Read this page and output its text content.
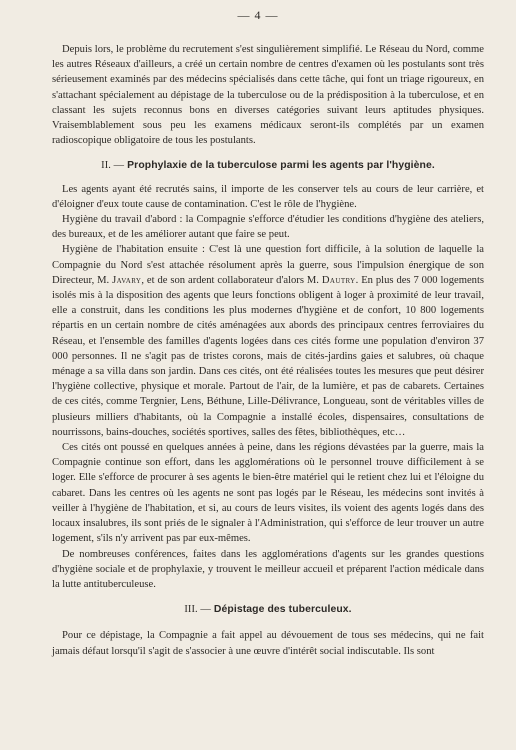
— 4 —

Depuis lors, le problème du recrutement s'est singulièrement simplifié. Le Réseau du Nord, comme les autres Réseaux d'ailleurs, a créé un certain nombre de centres d'examen où les postulants sont très sérieusement examinés par des médecins spécialisés dans cette tâche, qui font un triage rigoureux, en s'attachant spécialement au dépistage de la tuberculose ou de la prédisposition à la tuberculose, et en classant les sujets reconnus bons en diverses catégories suivant leurs aptitudes physiques. Vraisemblablement sous peu les examens médicaux seront-ils complétés par un examen radioscopique obligatoire de tous les postulants.

II. — Prophylaxie de la tuberculose parmi les agents par l'hygiène.

Les agents ayant été recrutés sains, il importe de les conserver tels au cours de leur carrière, et d'éloigner d'eux toute cause de contamination. C'est le rôle de l'hygiène.

Hygiène du travail d'abord : la Compagnie s'efforce d'étudier les conditions d'hygiène des ateliers, des bureaux, et de les améliorer autant que faire se peut.

Hygiène de l'habitation ensuite : C'est là une question fort difficile, à la solution de laquelle la Compagnie du Nord s'est attachée résolument après la guerre, sous l'impulsion énergique de son Directeur, M. Javary, et de son ardent collaborateur d'alors M. Dautry. En plus des 7 000 logements isolés mis à la disposition des agents que leurs fonctions obligent à loger à proximité de leur travail, elle a construit, dans les conditions les plus modernes d'hygiène et de confort, 10 800 logements répartis en un certain nombre de cités aménagées aux abords des principaux centres ferroviaires du Réseau, et l'ensemble des familles d'agents logées dans ces cités forme une population d'environ 37 000 personnes. Il ne s'agit pas de tristes corons, mais de cités-jardins gaies et salubres, où chaque ménage a sa villa dans son jardin. Dans ces cités, ont été réalisées toutes les mesures que peut désirer l'hygiène collective, physique et morale. Partout de l'air, de la lumière, et pas de cabarets. Certaines de ces cités, comme Tergnier, Lens, Béthune, Lille-Délivrance, Longueau, sont de véritables villes de plusieurs milliers d'habitants, où la Compagnie a installé écoles, dispensaires, consultations de nourrissons, bains-douches, sociétés sportives, salles des fêtes, bibliothèques, etc…

Ces cités ont poussé en quelques années à peine, dans les régions dévastées par la guerre, mais la Compagnie continue son effort, dans les agglomérations où le personnel trouve difficilement à se loger. Elle s'efforce de procurer à ses agents le bien-être matériel qui le retient chez lui et l'éloigne du cabaret. Dans les centres où les agents ne sont pas logés par le Réseau, les médecins sont invités à veiller à l'hygiène de l'habitation, et si, au cours de leurs visites, ils voient des agents logés dans des locaux insalubres, ils sont priés de le signaler à l'Administration, qui s'efforce de leur trouver un autre logement, s'ils n'y arrivent pas par eux-mêmes.

De nombreuses conférences, faites dans les agglomérations d'agents sur les grandes questions d'hygiène sociale et de prophylaxie, y trouvent le meilleur accueil et préparent l'action médicale dans la lutte antituberculeuse.

III. — Dépistage des tuberculeux.

Pour ce dépistage, la Compagnie a fait appel au dévouement de tous ses médecins, qui ne fait jamais défaut lorsqu'il s'agit de s'associer à une œuvre d'intérêt social indiscutable. Ils sont
